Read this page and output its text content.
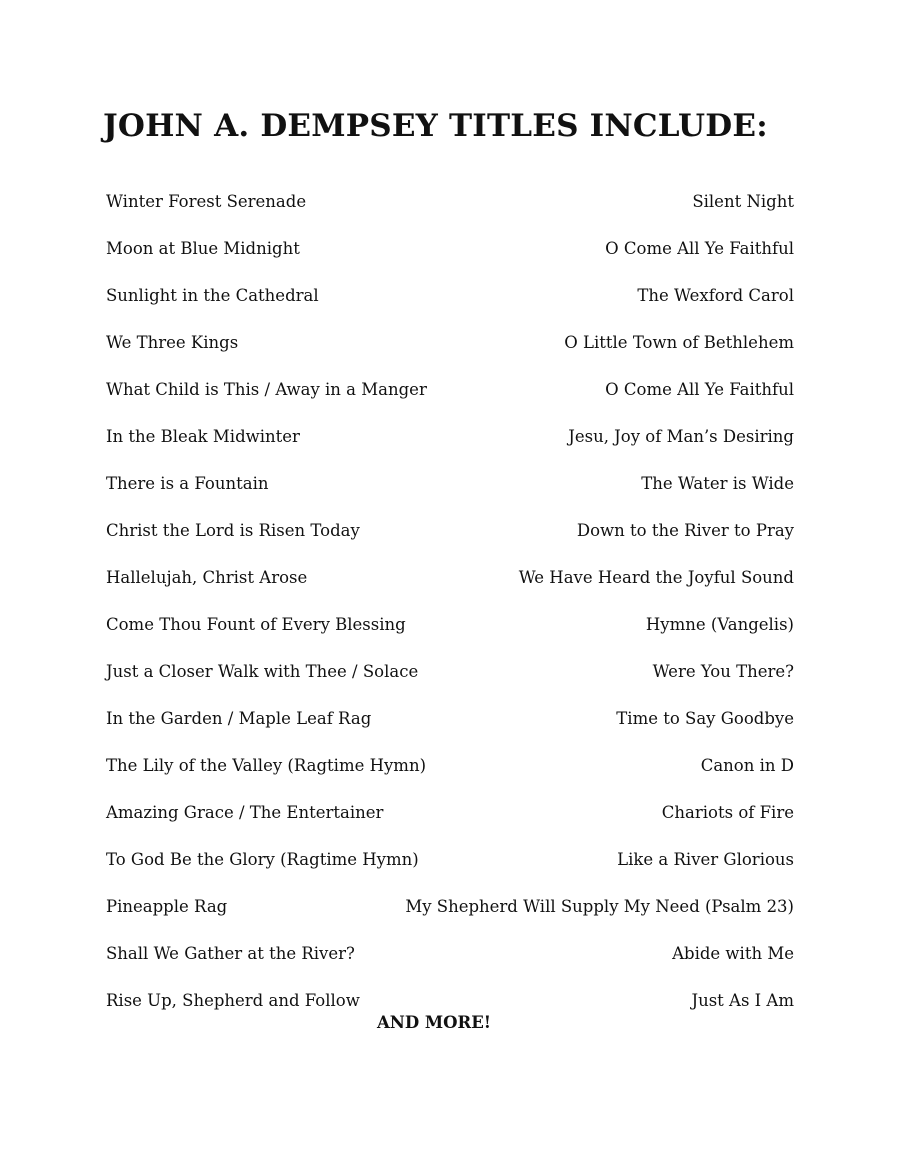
JOHN A. DEMPSEY TITLES INCLUDE:
Winter Forest Serenade	Silent Night
Moon at Blue Midnight	O Come All Ye Faithful
Sunlight in the Cathedral	The Wexford Carol
We Three Kings	O Little Town of Bethlehem
What Child is This / Away in a Manger	O Come All Ye Faithful
In the Bleak Midwinter	Jesu, Joy of Man’s Desiring
There is a Fountain	The Water is Wide
Christ the Lord is Risen Today	Down to the River to Pray
Hallelujah, Christ Arose	We Have Heard the Joyful Sound
Come Thou Fount of Every Blessing	Hymne (Vangelis)
Just a Closer Walk with Thee / Solace	Were You There?
In the Garden / Maple Leaf Rag	Time to Say Goodbye
The Lily of the Valley (Ragtime Hymn)	Canon in D
Amazing Grace / The Entertainer	Chariots of Fire
To God Be the Glory (Ragtime Hymn)	Like a River Glorious
Pineapple Rag	My Shepherd Will Supply My Need (Psalm 23)
Shall We Gather at the River?	Abide with Me
Rise Up, Shepherd and Follow	Just As I Am
AND MORE!
